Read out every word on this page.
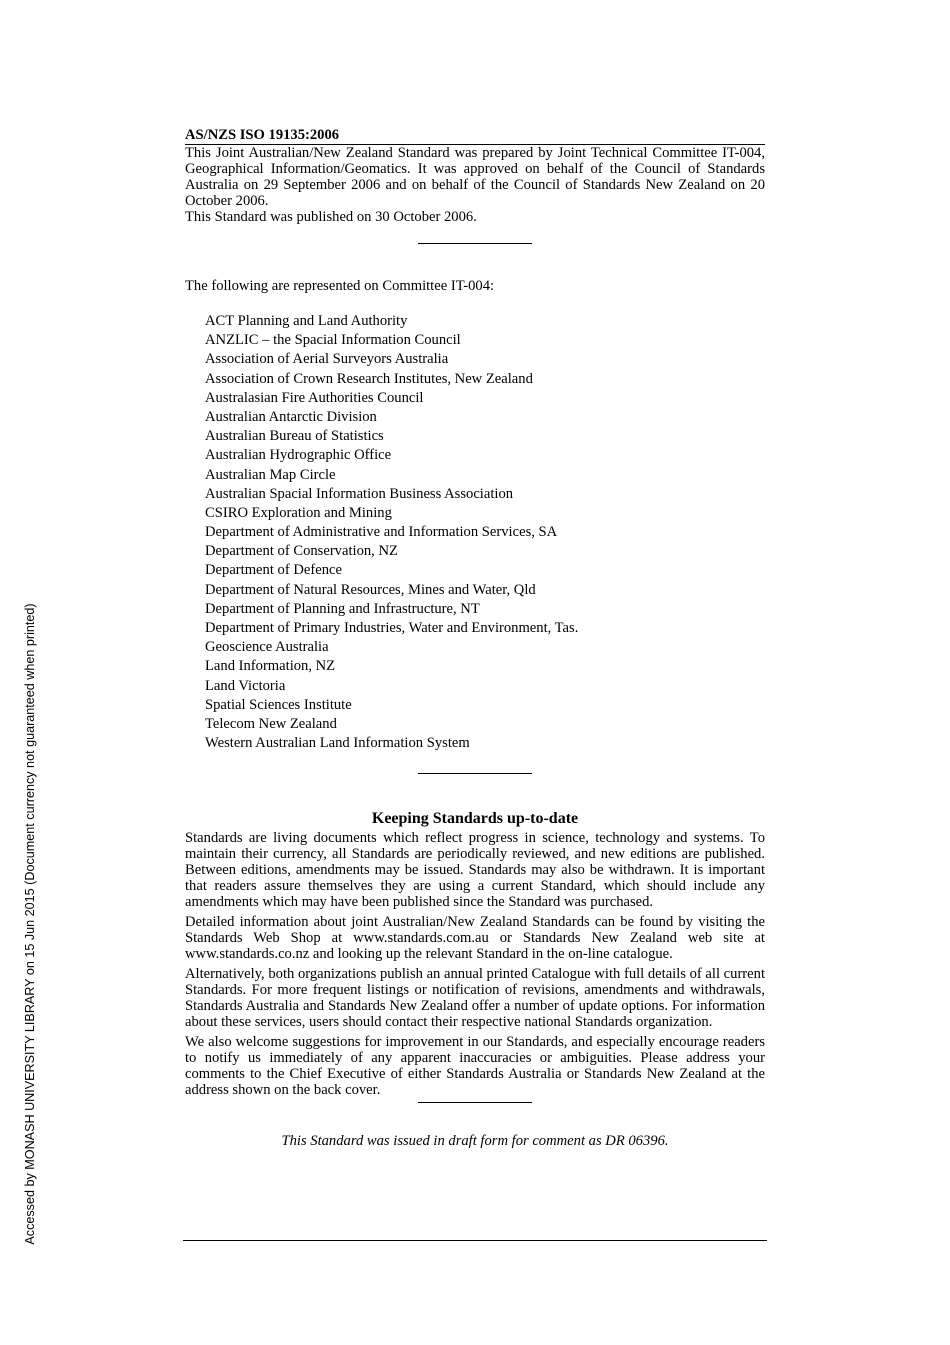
Accessed by MONASH UNIVERSITY LIBRARY on 15 Jun 2015 (Document currency not guaranteed when printed)
AS/NZS ISO 19135:2006

This Joint Australian/New Zealand Standard was prepared by Joint Technical Committee IT-004, Geographical Information/Geomatics. It was approved on behalf of the Council of Standards Australia on 29 September 2006 and on behalf of the Council of Standards New Zealand on 20 October 2006.

This Standard was published on 30 October 2006.

The following are represented on Committee IT-004:
ACT Planning and Land Authority
ANZLIC – the Spacial Information Council
Association of Aerial Surveyors Australia
Association of Crown Research Institutes, New Zealand
Australasian Fire Authorities Council
Australian Antarctic Division
Australian Bureau of Statistics
Australian Hydrographic Office
Australian Map Circle
Australian Spacial Information Business Association
CSIRO Exploration and Mining
Department of Administrative and Information Services, SA
Department of Conservation, NZ
Department of Defence
Department of Natural Resources, Mines and Water, Qld
Department of Planning and Infrastructure, NT
Department of Primary Industries, Water and Environment, Tas.
Geoscience Australia
Land Information, NZ
Land Victoria
Spatial Sciences Institute
Telecom New Zealand
Western Australian Land Information System
Keeping Standards up-to-date

Standards are living documents which reflect progress in science, technology and systems. To maintain their currency, all Standards are periodically reviewed, and new editions are published. Between editions, amendments may be issued. Standards may also be withdrawn. It is important that readers assure themselves they are using a current Standard, which should include any amendments which may have been published since the Standard was purchased.

Detailed information about joint Australian/New Zealand Standards can be found by visiting the Standards Web Shop at www.standards.com.au or Standards New Zealand web site at www.standards.co.nz and looking up the relevant Standard in the on-line catalogue.

Alternatively, both organizations publish an annual printed Catalogue with full details of all current Standards. For more frequent listings or notification of revisions, amendments and withdrawals, Standards Australia and Standards New Zealand offer a number of update options. For information about these services, users should contact their respective national Standards organization.

We also welcome suggestions for improvement in our Standards, and especially encourage readers to notify us immediately of any apparent inaccuracies or ambiguities. Please address your comments to the Chief Executive of either Standards Australia or Standards New Zealand at the address shown on the back cover.

This Standard was issued in draft form for comment as DR 06396.
